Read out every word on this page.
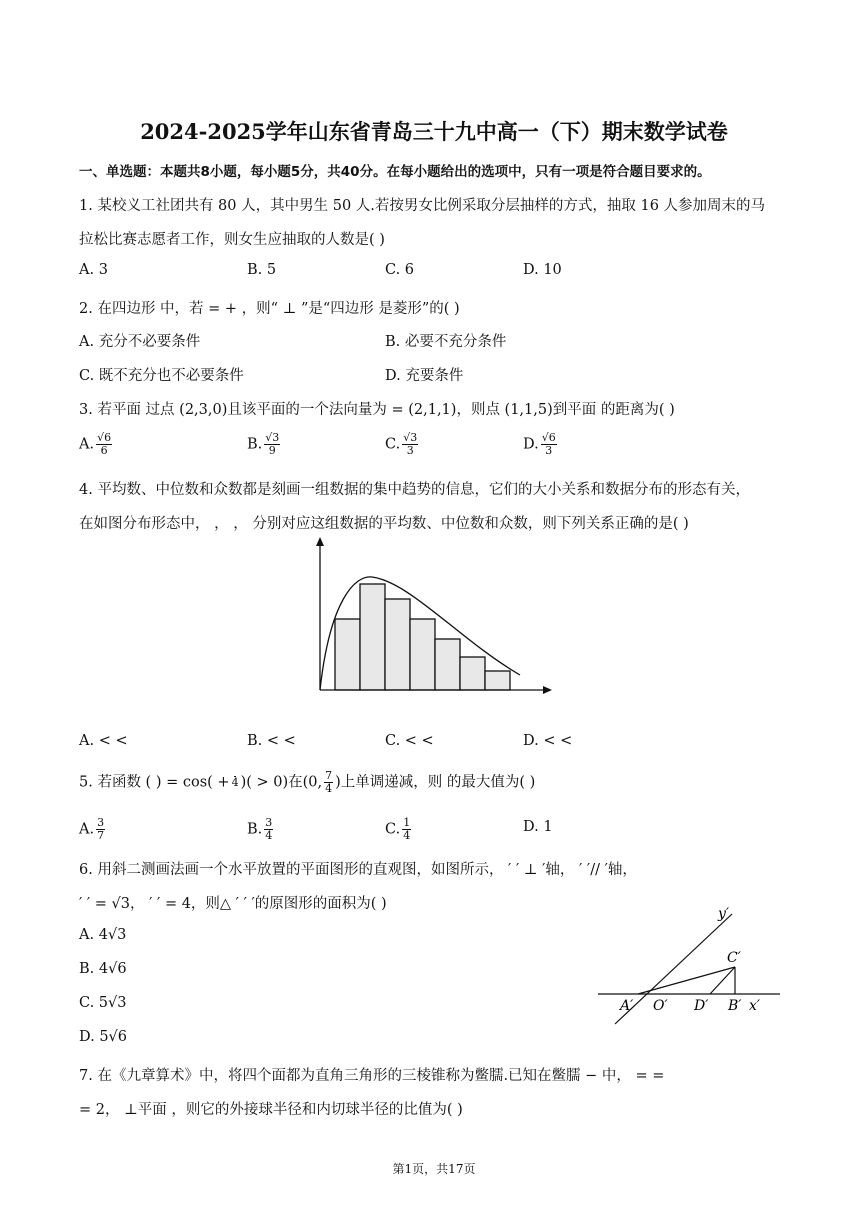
2024-2025学年山东省青岛三十九中高一（下）期末数学试卷
一、单选题：本题共8小题，每小题5分，共40分。在每小题给出的选项中，只有一项是符合题目要求的。
1. 某校义工社团共有 80 人，其中男生 50 人.若按男女比例采取分层抽样的方式，抽取 16 人参加周末的马
拉松比赛志愿者工作，则女生应抽取的人数是( )
A. 3	B. 5	C. 6	D. 10
2. 在四边形 中，若 = + ，则“ ⊥ ”是“四边形 是菱形”的( )
A. 充分不必要条件	B. 必要不充分条件
C. 既不充分也不必要条件	D. 充要条件
3. 若平面 过点 (2,3,0)且该平面的一个法向量为 = (2,1,1)，则点 (1,1,5)到平面 的距离为( )
A. $\frac{√6}{6}$	B. $\frac{√3}{9}$	C. $\frac{√3}{3}$	D. $\frac{√6}{3}$
4. 平均数、中位数和众数都是刻画一组数据的集中趋势的信息，它们的大小关系和数据分布的形态有关，
在如图分布形态中， ， ， 分别对应这组数据的平均数、中位数和众数，则下列关系正确的是( )
A. < <	B. < <	C. < <	D. < <
5. 若函数 ( ) = cos( + 4 )( > 0)在(0, $\frac{7}{4}$ )上单调递减，则 的最大值为( )
A. $\frac{3}{7}$	B. $\frac{3}{4}$	C. $\frac{1}{4}$	D. 1
6. 用斜二测画法画一个水平放置的平面图形的直观图，如图所示， ′ ′ ⊥ ′轴， ′ ′// ′轴，
′ ′ = √3， ′ ′ = 4，则△ ′ ′ ′的原图形的面积为( )
A. 4√3
B. 4√6
C. 5√3
D. 5√6
y′
C′
A′ O′ D′ B′ x′
7. 在《九章算术》中，将四个面都为直角三角形的三棱锥称为鳖臑.已知在鳖臑 − 中， = =
= 2， ⊥平面 ，则它的外接球半径和内切球半径的比值为( )
第1页，共17页
